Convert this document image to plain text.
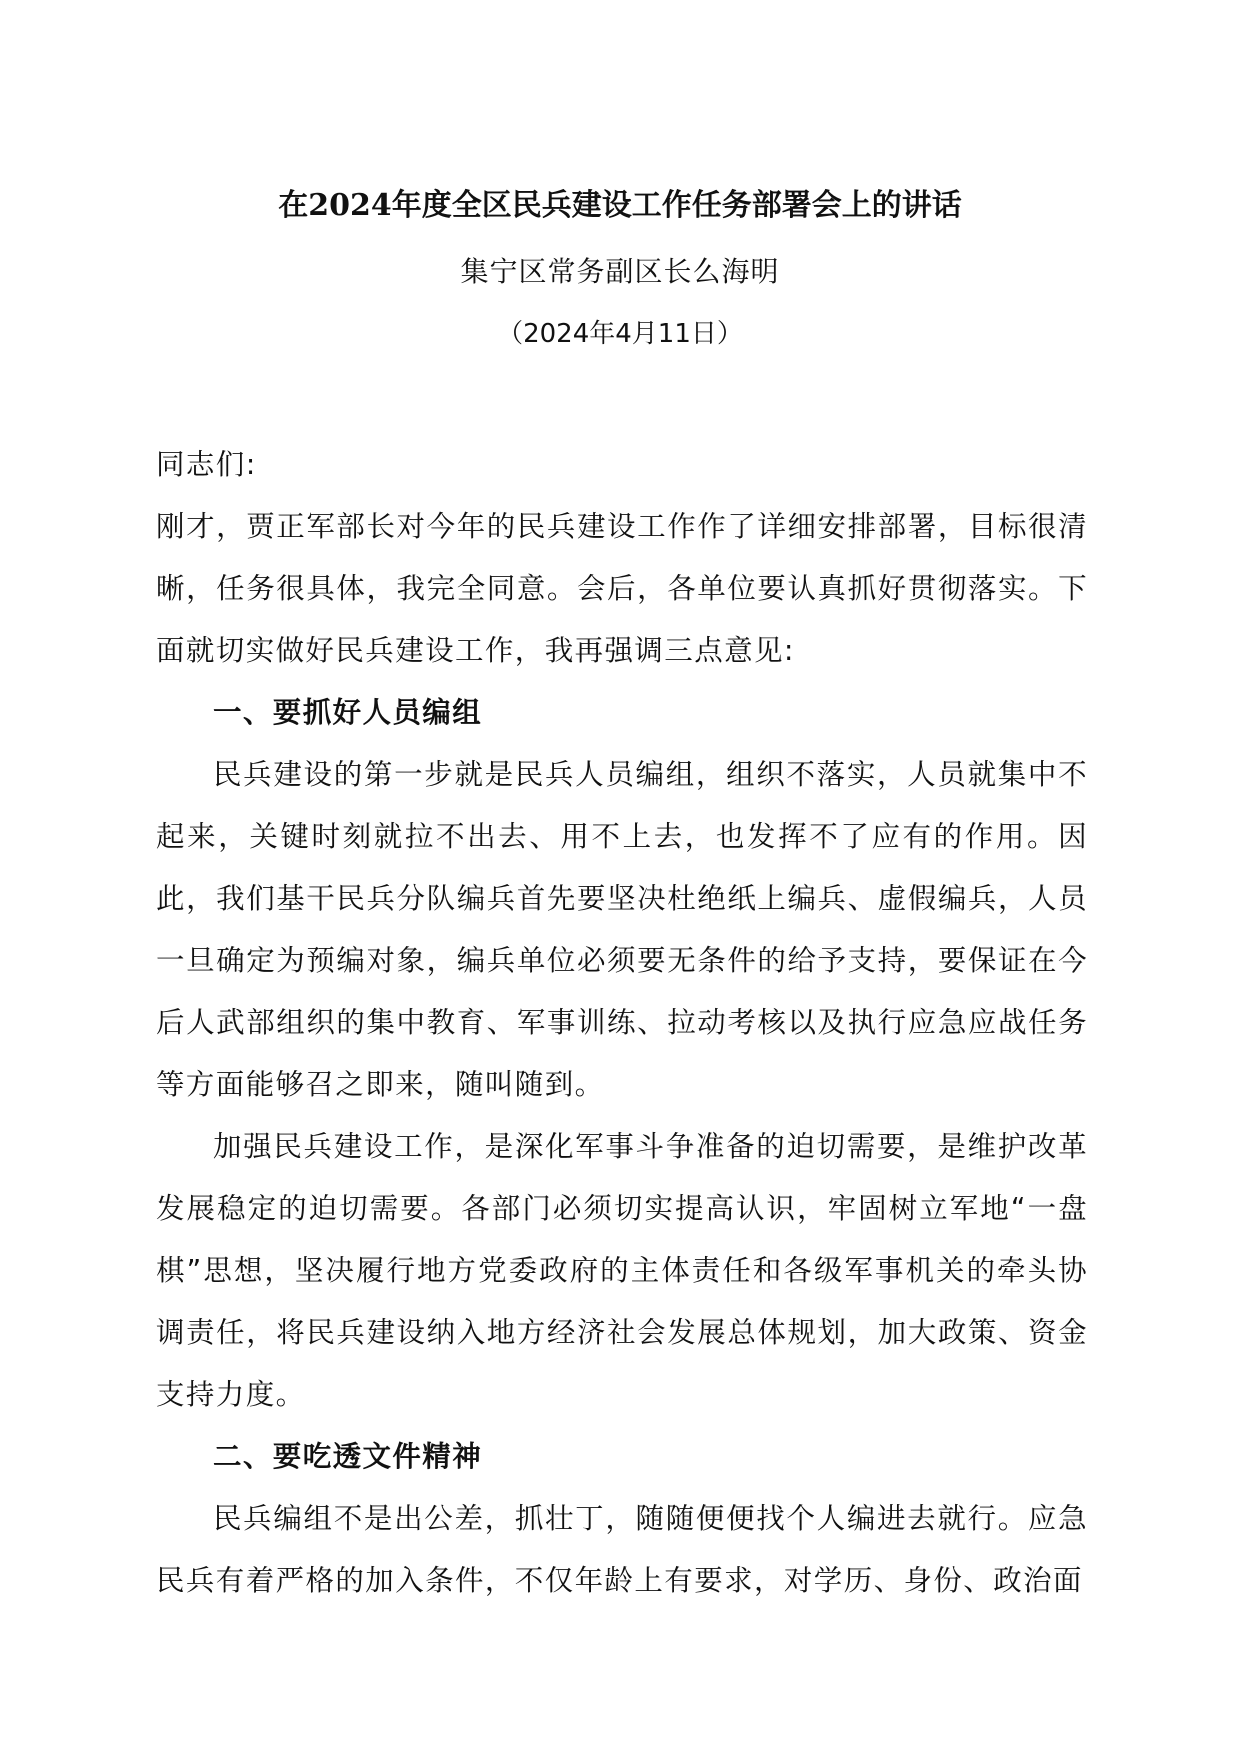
在2024年度全区民兵建设工作任务部署会上的讲话
集宁区常务副区长么海明
（2024年4月11日）

同志们:

刚才，贾正军部长对今年的民兵建设工作作了详细安排部署，目标很清晰，任务很具体，我完全同意。会后，各单位要认真抓好贯彻落实。下面就切实做好民兵建设工作，我再强调三点意见:

一、要抓好人员编组

民兵建设的第一步就是民兵人员编组，组织不落实，人员就集中不起来，关键时刻就拉不出去、用不上去，也发挥不了应有的作用。因此，我们基干民兵分队编兵首先要坚决杜绝纸上编兵、虚假编兵，人员一旦确定为预编对象，编兵单位必须要无条件的给予支持，要保证在今后人武部组织的集中教育、军事训练、拉动考核以及执行应急应战任务等方面能够召之即来，随叫随到。

加强民兵建设工作，是深化军事斗争准备的迫切需要，是维护改革发展稳定的迫切需要。各部门必须切实提高认识，牢固树立军地“一盘棋”思想，坚决履行地方党委政府的主体责任和各级军事机关的牵头协调责任，将民兵建设纳入地方经济社会发展总体规划，加大政策、资金支持力度。

二、要吃透文件精神

民兵编组不是出公差，抓壮丁，随随便便找个人编进去就行。应急民兵有着严格的加入条件，不仅年龄上有要求，对学历、身份、政治面
